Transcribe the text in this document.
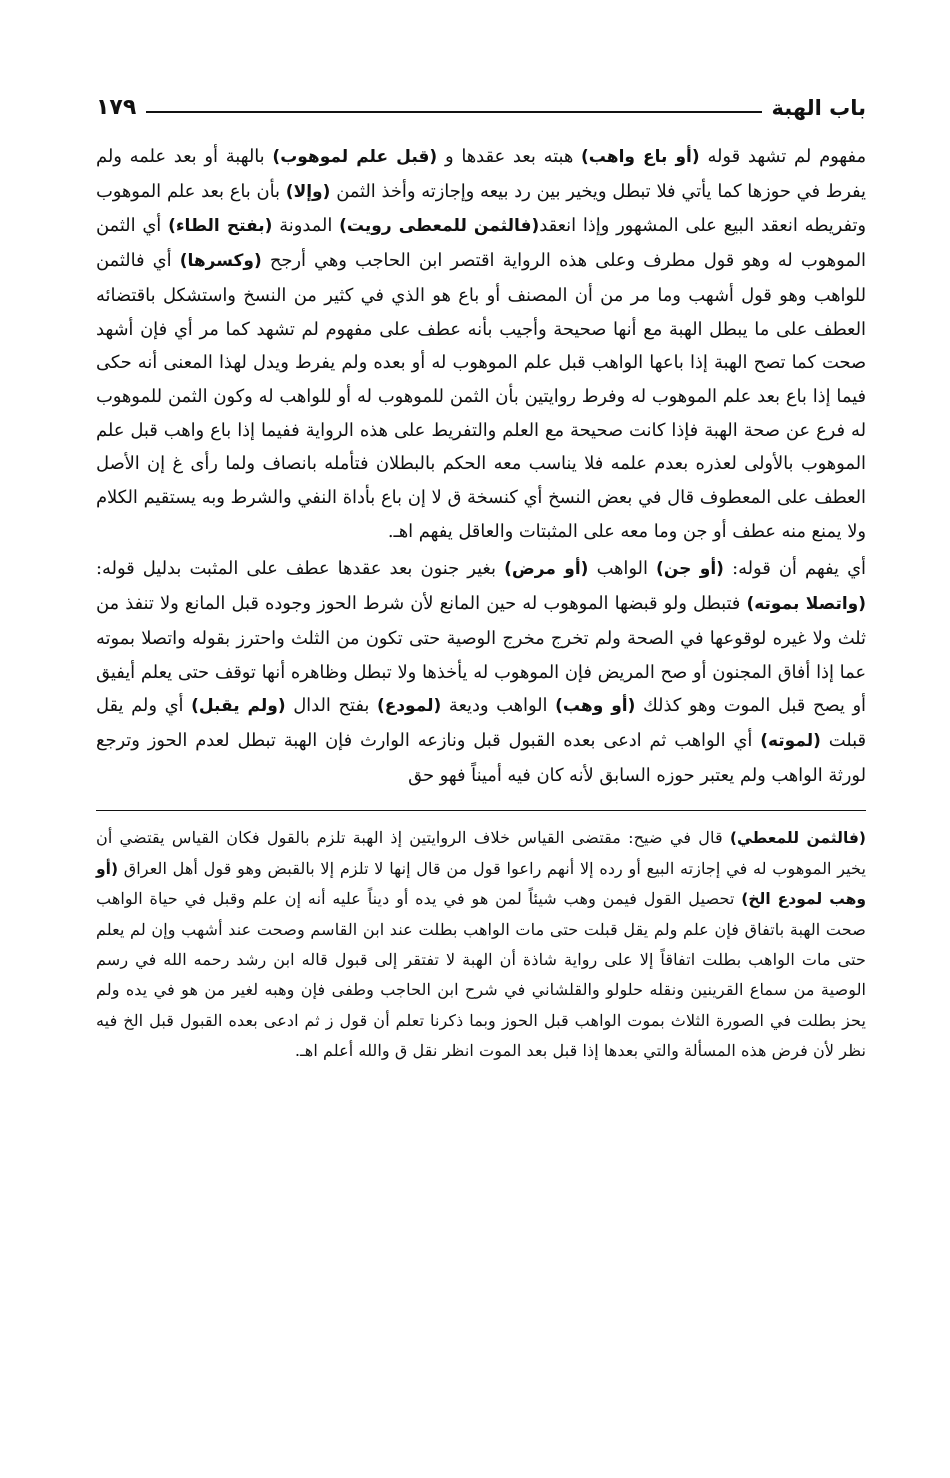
باب الهبة
١٧٩

مفهوم لم تشهد قوله (أو باع واهب) هبته بعد عقدها و (قبل علم لموهوب) بالهبة أو بعد علمه ولم يفرط في حوزها كما يأتي فلا تبطل ويخير بين رد بيعه وإجازته وأخذ الثمن (وإلا) بأن باع بعد علم الموهوب وتفريطه انعقد البيع على المشهور وإذا انعقد(فالثمن للمعطى رويت) المدونة (بفتح الطاء) أي الثمن الموهوب له وهو قول مطرف وعلى هذه الرواية اقتصر ابن الحاجب وهي أرجح (وكسرها) أي فالثمن للواهب وهو قول أشهب وما مر من أن المصنف أو باع هو الذي في كثير من النسخ واستشكل باقتضائه العطف على ما يبطل الهبة مع أنها صحيحة وأجيب بأنه عطف على مفهوم لم تشهد كما مر أي فإن أشهد صحت كما تصح الهبة إذا باعها الواهب قبل علم الموهوب له أو بعده ولم يفرط ويدل لهذا المعنى أنه حكى فيما إذا باع بعد علم الموهوب له وفرط روايتين بأن الثمن للموهوب له أو للواهب له وكون الثمن للموهوب له فرع عن صحة الهبة فإذا كانت صحيحة مع العلم والتفريط على هذه الرواية ففيما إذا باع واهب قبل علم الموهوب بالأولى لعذره بعدم علمه فلا يناسب معه الحكم بالبطلان فتأمله بانصاف ولما رأى غ إن الأصل العطف على المعطوف قال في بعض النسخ أي كنسخة ق لا إن باع بأداة النفي والشرط وبه يستقيم الكلام ولا يمنع منه عطف أو جن وما معه على المثبتات والعاقل يفهم اهـ.

أي يفهم أن قوله: (أو جن) الواهب (أو مرض) بغير جنون بعد عقدها عطف على المثبت بدليل قوله: (واتصلا بموته) فتبطل ولو قبضها الموهوب له حين المانع لأن شرط الحوز وجوده قبل المانع ولا تنفذ من ثلث ولا غيره لوقوعها في الصحة ولم تخرج مخرج الوصية حتى تكون من الثلث واحترز بقوله واتصلا بموته عما إذا أفاق المجنون أو صح المريض فإن الموهوب له يأخذها ولا تبطل وظاهره أنها توقف حتى يعلم أيفيق أو يصح قبل الموت وهو كذلك (أو وهب) الواهب وديعة (لمودع) بفتح الدال (ولم يقبل) أي ولم يقل قبلت (لموته) أي الواهب ثم ادعى بعده القبول قبل ونازعه الوارث فإن الهبة تبطل لعدم الحوز وترجع لورثة الواهب ولم يعتبر حوزه السابق لأنه كان فيه أميناً فهو حق

(فالثمن للمعطي) قال في ضيح: مقتضى القياس خلاف الروايتين إذ الهبة تلزم بالقول فكان القياس يقتضي أن يخير الموهوب له في إجازته البيع أو رده إلا أنهم راعوا قول من قال إنها لا تلزم إلا بالقبض وهو قول أهل العراق (أو وهب لمودع الخ) تحصيل القول فيمن وهب شيئاً لمن هو في يده أو ديناً عليه أنه إن علم وقبل في حياة الواهب صحت الهبة باتفاق فإن علم ولم يقل قبلت حتى مات الواهب بطلت عند ابن القاسم وصحت عند أشهب وإن لم يعلم حتى مات الواهب بطلت اتفاقاً إلا على رواية شاذة أن الهبة لا تفتقر إلى قبول قاله ابن رشد رحمه الله في رسم الوصية من سماع القرينين ونقله حلولو والقلشاني في شرح ابن الحاجب وطفى فإن وهبه لغير من هو في يده ولم يحز بطلت في الصورة الثلاث بموت الواهب قبل الحوز وبما ذكرنا تعلم أن قول ز ثم ادعى بعده القبول قبل الخ فيه نظر لأن فرض هذه المسألة والتي بعدها إذا قبل بعد الموت انظر نقل ق والله أعلم اهـ.
